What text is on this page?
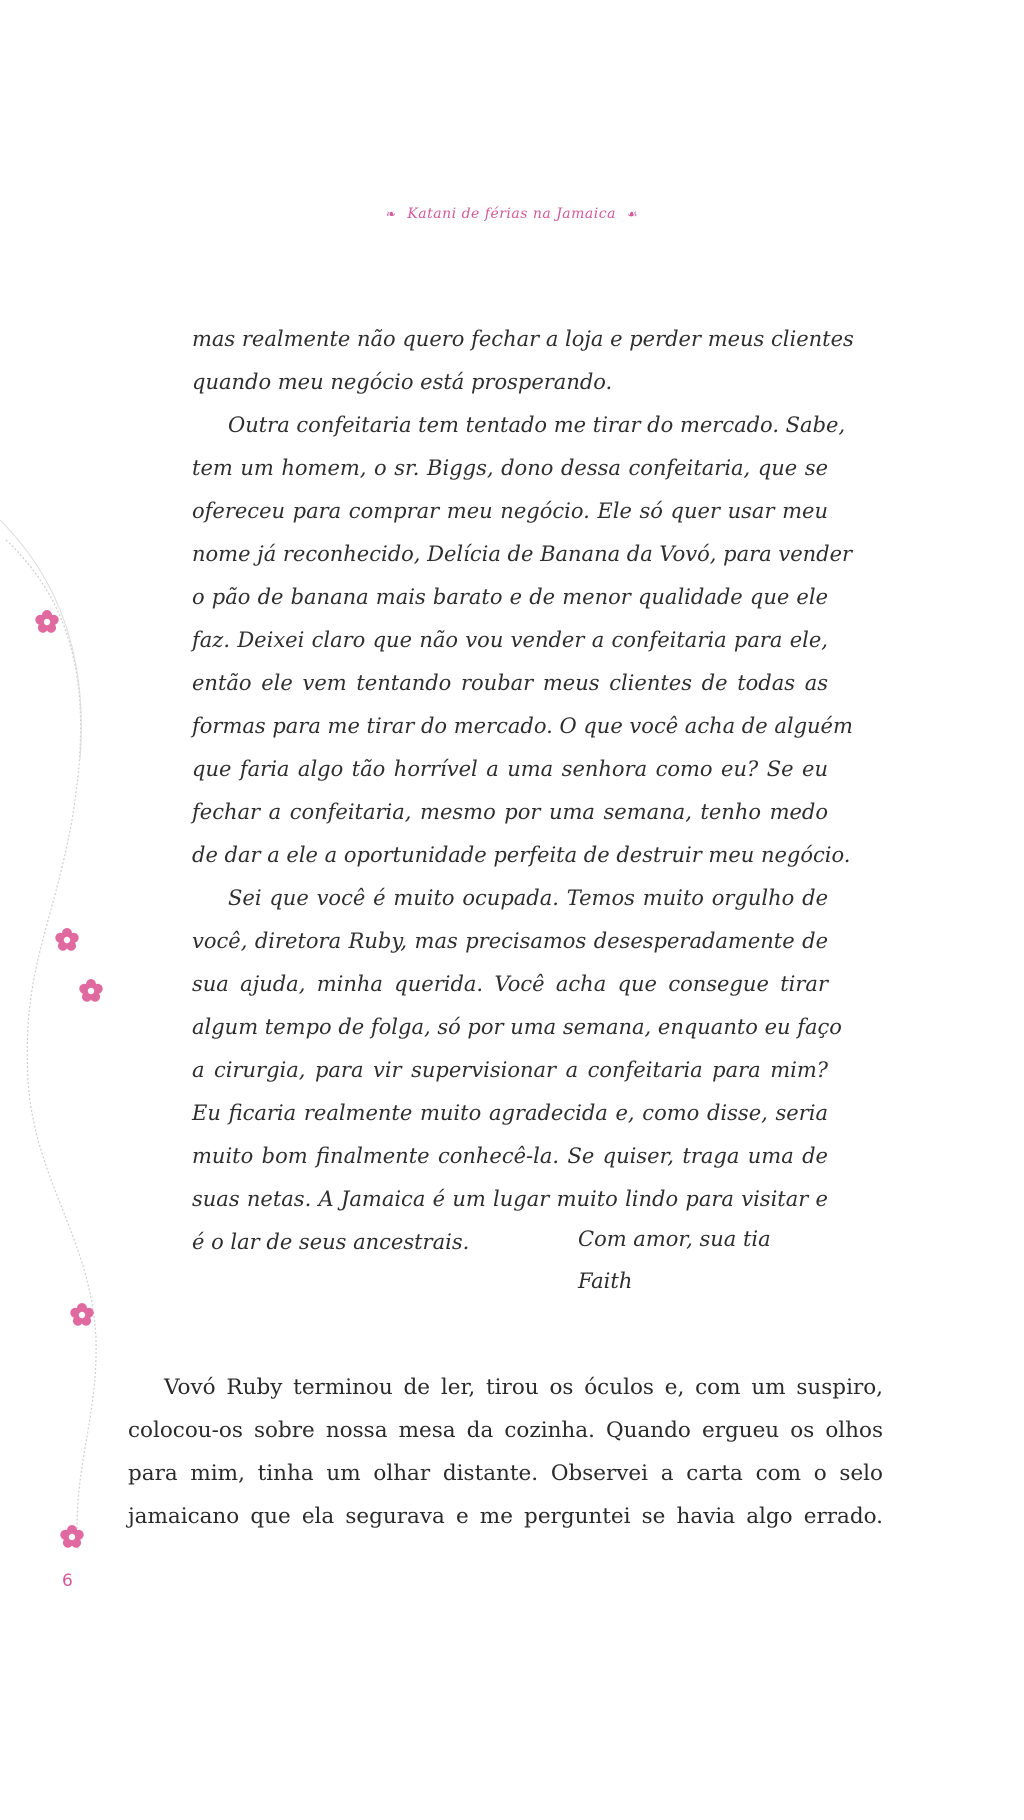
❧ Katani de férias na Jamaica ☙
mas realmente não quero fechar a loja e perder meus clientes
quando meu negócio está prosperando.
Outra confeitaria tem tentado me tirar do mercado. Sabe,
tem um homem, o sr. Biggs, dono dessa confeitaria, que se
ofereceu para comprar meu negócio. Ele só quer usar meu
nome já reconhecido, Delícia de Banana da Vovó, para vender
o pão de banana mais barato e de menor qualidade que ele
faz. Deixei claro que não vou vender a confeitaria para ele,
então ele vem tentando roubar meus clientes de todas as
formas para me tirar do mercado. O que você acha de alguém
que faria algo tão horrível a uma senhora como eu? Se eu
fechar a confeitaria, mesmo por uma semana, tenho medo
de dar a ele a oportunidade perfeita de destruir meu negócio.
Sei que você é muito ocupada. Temos muito orgulho de
você, diretora Ruby, mas precisamos desesperadamente de
sua ajuda, minha querida. Você acha que consegue tirar
algum tempo de folga, só por uma semana, enquanto eu faço
a cirurgia, para vir supervisionar a confeitaria para mim?
Eu ficaria realmente muito agradecida e, como disse, seria
muito bom finalmente conhecê-la. Se quiser, traga uma de
suas netas. A Jamaica é um lugar muito lindo para visitar e
é o lar de seus ancestrais.	Com amor, sua tia
Faith
Vovó Ruby terminou de ler, tirou os óculos e, com um suspiro,
colocou-os sobre nossa mesa da cozinha. Quando ergueu os olhos
para mim, tinha um olhar distante. Observei a carta com o selo
jamaicano que ela segurava e me perguntei se havia algo errado.
6
